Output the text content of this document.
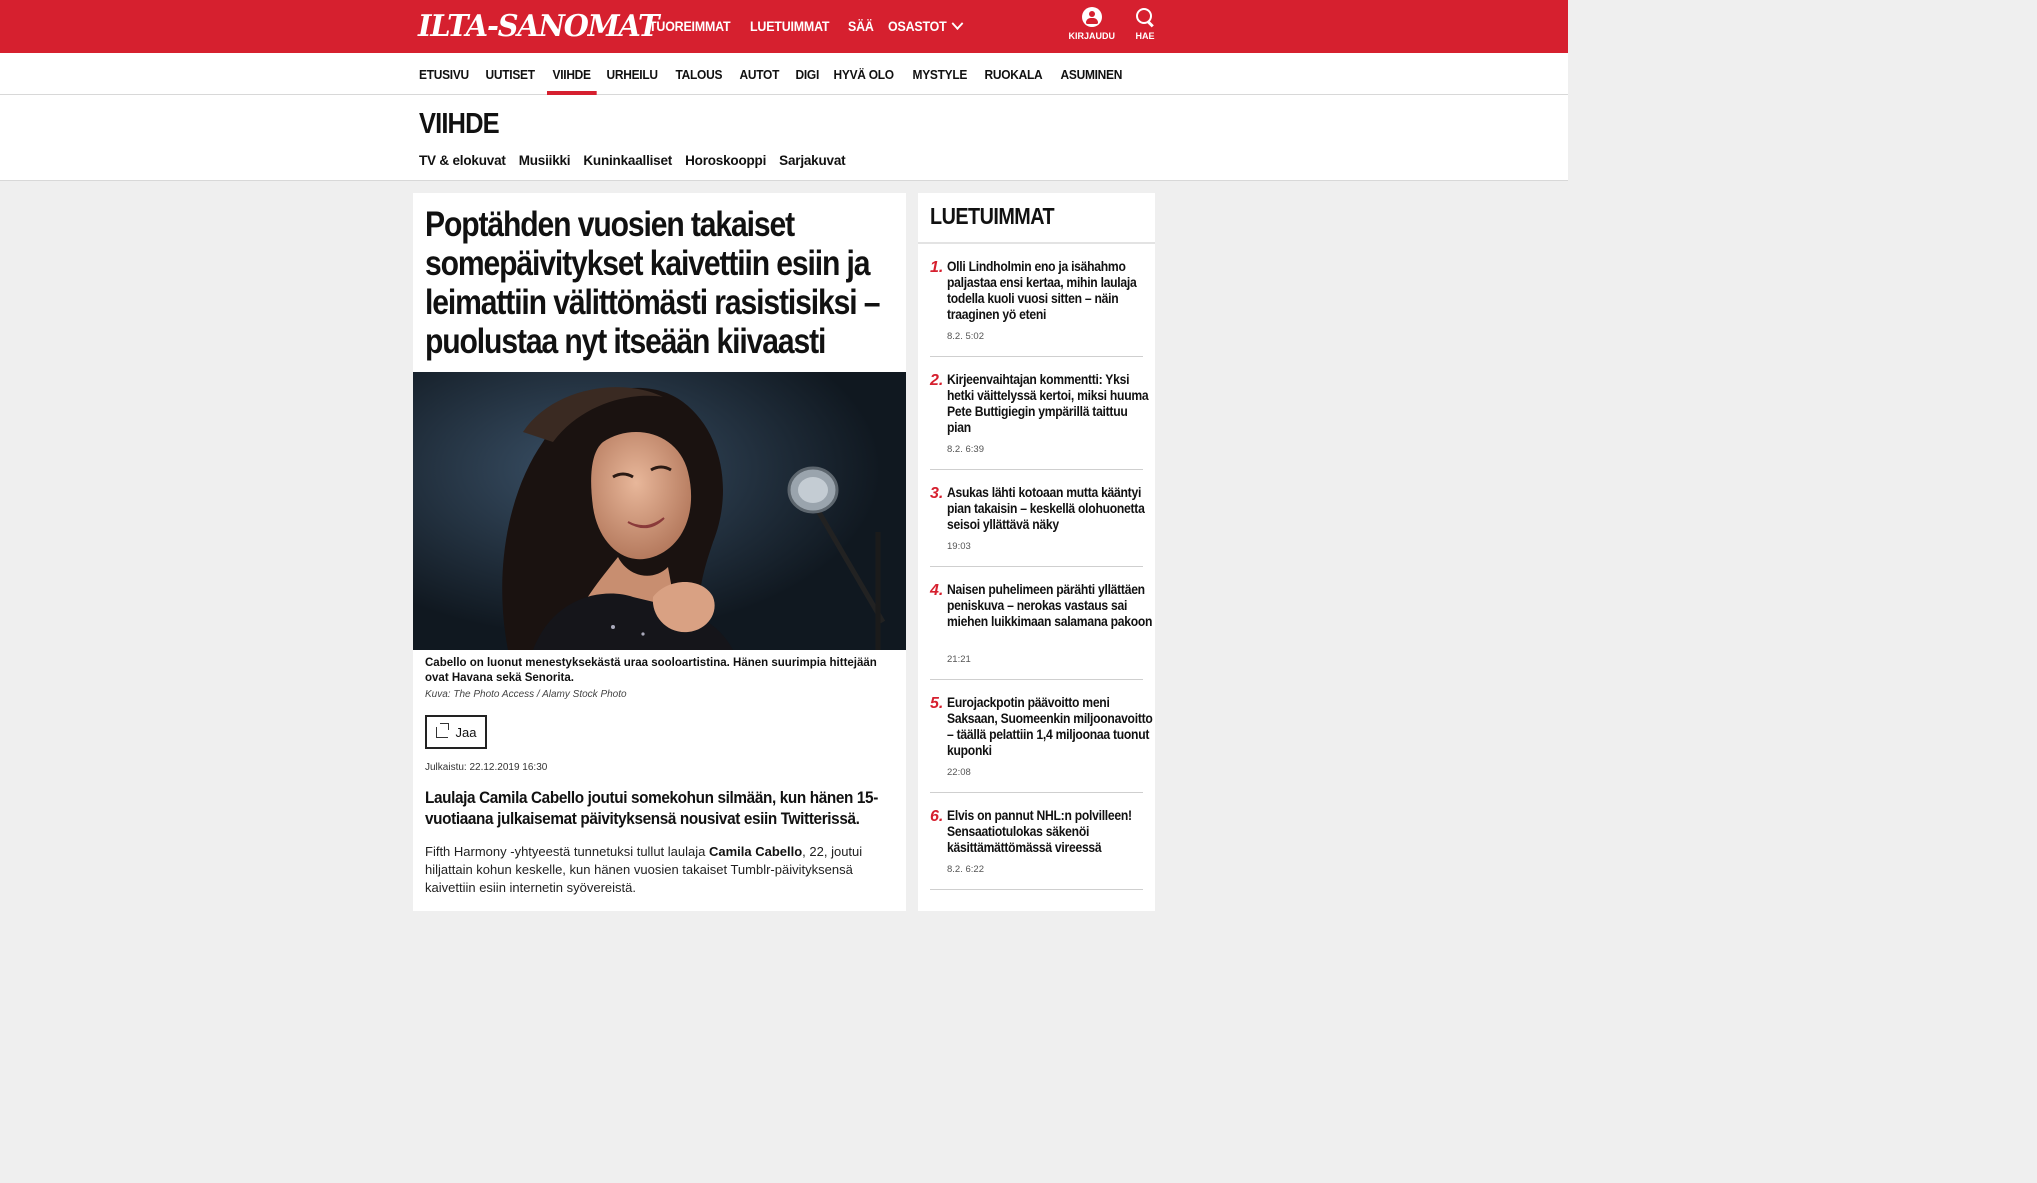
ILTA-SANOMAT
TUOREIMMAT LUETUIMMAT SÄÄ OSASTOT
KIRJAUDU HAE
ETUSIVU	UUTISET	VIIHDE	URHEILU	TALOUS	AUTOT	DIGI	HYVÄ OLO	MYSTYLE	RUOKALA	ASUMINEN
VIIHDE
TV & elokuvat Musiikki Kuninkaalliset Horoskooppi Sarjakuvat
Poptähden vuosien takaiset somepäivitykset kaivettiin esiin ja leimattiin välittömästi rasistisiksi – puolustaa nyt itseään kiivaasti

Cabello on luonut menestyksekästä uraa sooloartistina. Hänen suurimpia hittejään ovat Havana sekä Senorita.

Kuva: The Photo Access / Alamy Stock Photo

Jaa

Julkaistu: 22.12.2019 16:30

Laulaja Camila Cabello joutui somekohun silmään, kun hänen 15-vuotiaana julkaisemat päivityksensä nousivat esiin Twitterissä.

Fifth Harmony -yhtyeestä tunnetuksi tullut laulaja Camila Cabello, 22, joutui hiljattain kohun keskelle, kun hänen vuosien takaiset Tumblr-päivityksensä kaivettiin esiin internetin syövereistä.

LUETUIMMAT
1. Olli Lindholmin eno ja isähahmo paljastaa ensi kertaa, mihin laulaja todella kuoli vuosi sitten – näin traaginen yö eteni
8.2. 5:02
2. Kirjeenvaihtajan kommentti: Yksi hetki väittelyssä kertoi, miksi huuma Pete Buttigiegin ympärillä taittuu pian
8.2. 6:39
3. Asukas lähti kotoaan mutta kääntyi pian takaisin – keskellä olohuonetta seisoi yllättävä näky
19:03
4. Naisen puhelimeen pärähti yllättäen peniskuva – nerokas vastaus sai miehen luikkimaan salamana pakoon
21:21
5. Eurojackpotin päävoitto meni Saksaan, Suomeenkin miljoonavoitto – täällä pelattiin 1,4 miljoonaa tuonut kuponki
22:08
6. Elvis on pannut NHL:n polvilleen! Sensaatiotulokas säkenöi käsittämättömässä vireessä
8.2. 6:22
